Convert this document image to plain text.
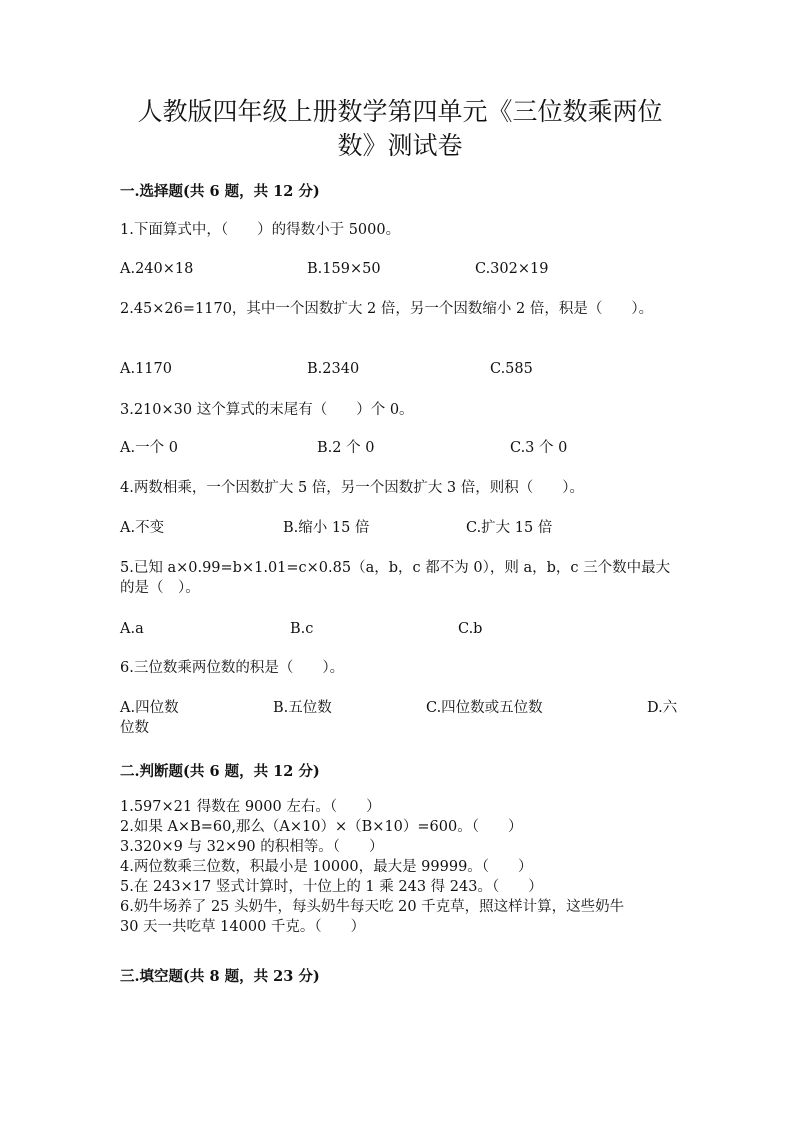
人教版四年级上册数学第四单元《三位数乘两位
数》测试卷

一.选择题(共 6 题，共 12 分)

1.下面算式中，（　　）的得数小于 5000。

A.240×18	B.159×50	C.302×19

2.45×26=1170，其中一个因数扩大 2 倍，另一个因数缩小 2 倍，积是（　　）。

A.1170	B.2340	C.585

3.210×30 这个算式的末尾有（　　）个 0。

A.一个 0	B.2 个 0	C.3 个 0

4.两数相乘，一个因数扩大 5 倍，另一个因数扩大 3 倍，则积（　　）。

A.不变	B.缩小 15 倍	C.扩大 15 倍

5.已知 a×0.99=b×1.01=c×0.85（a，b，c 都不为 0），则 a，b，c 三个数中最大的是（　）。

A.a	B.c	C.b

6.三位数乘两位数的积是（　　）。

A.四位数	B.五位数	C.四位数或五位数	D.六

位数

二.判断题(共 6 题，共 12 分)

1.597×21 得数在 9000 左右。（　　）

2.如果 A×B=60,那么（A×10）×（B×10）=600。（　　）

3.320×9 与 32×90 的积相等。（　　）

4.两位数乘三位数，积最小是 10000，最大是 99999。（　　）

5.在 243×17 竖式计算时，十位上的 1 乘 243 得 243。（　　）

6.奶牛场养了 25 头奶牛，每头奶牛每天吃 20 千克草，照这样计算，这些奶牛

30 天一共吃草 14000 千克。（　　）

三.填空题(共 8 题，共 23 分)
